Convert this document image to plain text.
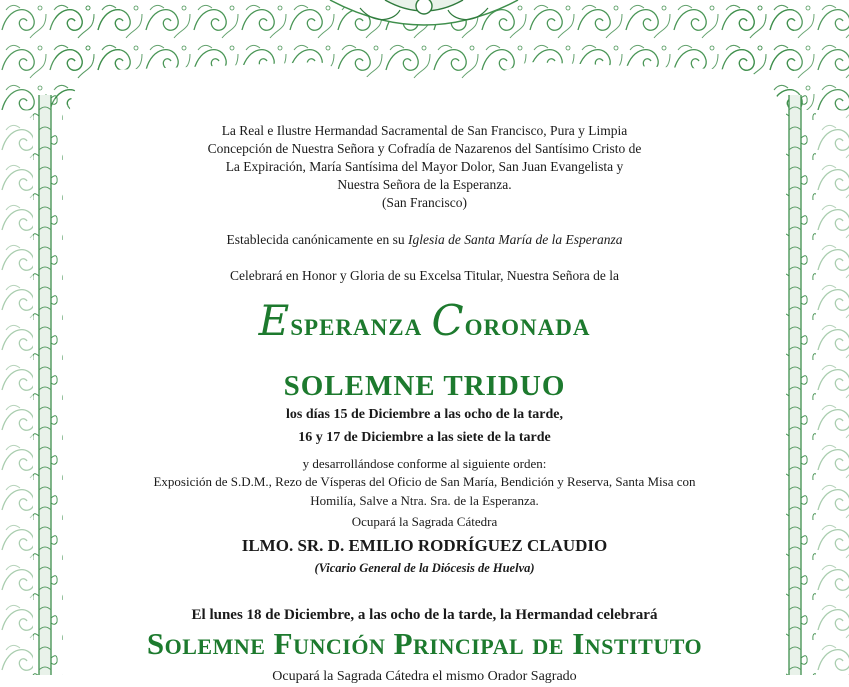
La Real e Ilustre Hermandad Sacramental de San Francisco, Pura y Limpia
Concepción de Nuestra Señora y Cofradía de Nazarenos del Santísimo Cristo de
La Expiración, María Santísima del Mayor Dolor, San Juan Evangelista y
Nuestra Señora de la Esperanza.
(San Francisco)
Establecida canónicamente en su Iglesia de Santa María de la Esperanza
Celebrará en Honor y Gloria de su Excelsa Titular, Nuestra Señora de la
Esperanza Coronada
SOLEMNE TRIDUO
los días 15 de Diciembre a las ocho de la tarde,
16 y 17 de Diciembre a las siete de la tarde
y desarrollándose conforme al siguiente orden:
Exposición de S.D.M., Rezo de Vísperas del Oficio de San María, Bendición y Reserva, Santa Misa con
Homilía, Salve a Ntra. Sra. de la Esperanza.
Ocupará la Sagrada Cátedra
ILMO. SR. D. EMILIO RODRÍGUEZ CLAUDIO
(Vicario General de la Diócesis de Huelva)
El lunes 18 de Diciembre, a las ocho de la tarde, la Hermandad celebrará
Solemne Función Principal de Instituto
Ocupará la Sagrada Cátedra el mismo Orador Sagrado
